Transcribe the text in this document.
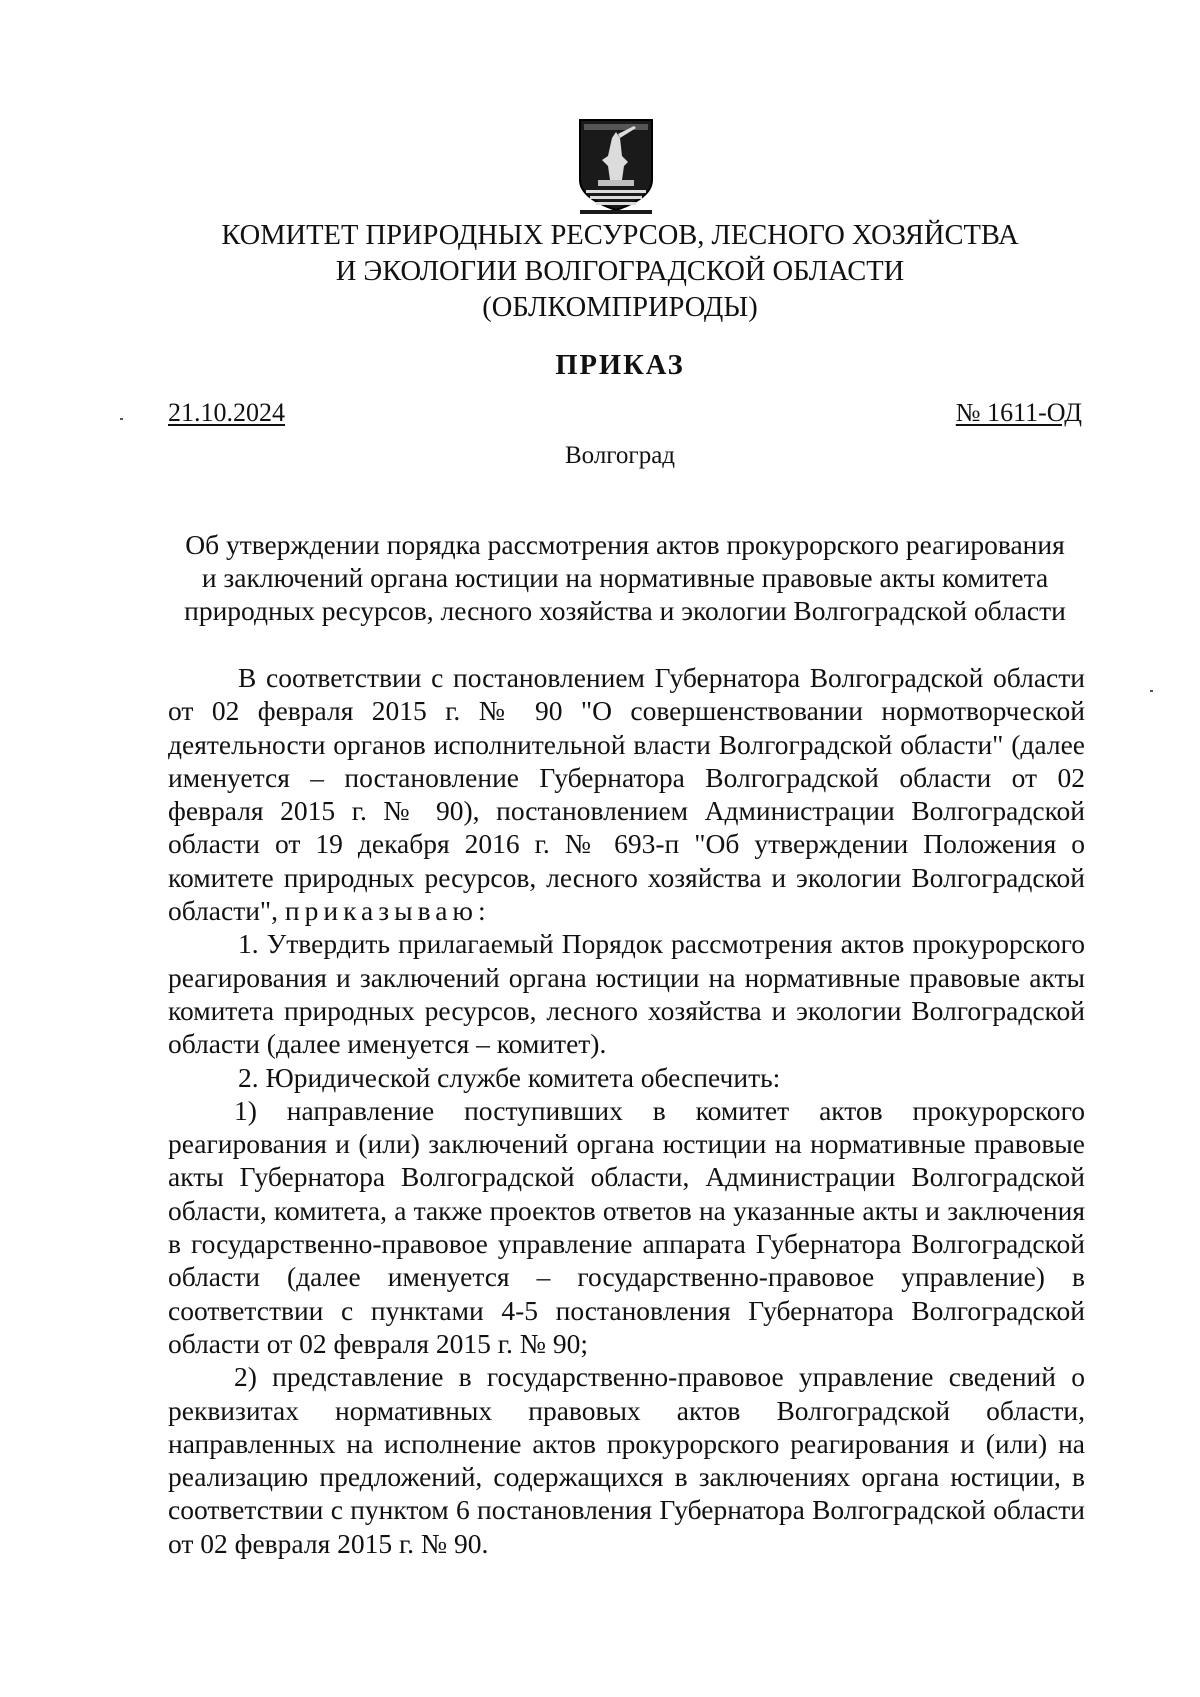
КОМИТЕТ ПРИРОДНЫХ РЕСУРСОВ, ЛЕСНОГО ХОЗЯЙСТВА
И ЭКОЛОГИИ ВОЛГОГРАДСКОЙ ОБЛАСТИ
(ОБЛКОМПРИРОДЫ)
ПРИКАЗ
21.10.2024	№ 1611-ОД
Волгоград
Об утверждении порядка рассмотрения актов прокурорского реагирования
и заключений органа юстиции на нормативные правовые акты комитета
природных ресурсов, лесного хозяйства и экологии Волгоградской области

В соответствии с постановлением Губернатора Волгоградской области от 02 февраля 2015 г. № 90 "О совершенствовании нормотворческой деятельности органов исполнительной власти Волгоградской области" (далее именуется – постановление Губернатора Волгоградской области от 02 февраля 2015 г. № 90), постановлением Администрации Волгоградской области от 19 декабря 2016 г. № 693-п "Об утверждении Положения о комитете природных ресурсов, лесного хозяйства и экологии Волгоградской области", приказываю:

1. Утвердить прилагаемый Порядок рассмотрения актов прокурорского реагирования и заключений органа юстиции на нормативные правовые акты комитета природных ресурсов, лесного хозяйства и экологии Волгоградской области (далее именуется – комитет).

2. Юридической службе комитета обеспечить:

1) направление поступивших в комитет актов прокурорского реагирования и (или) заключений органа юстиции на нормативные правовые акты Губернатора Волгоградской области, Администрации Волгоградской области, комитета, а также проектов ответов на указанные акты и заключения в государственно-правовое управление аппарата Губернатора Волгоградской области (далее именуется – государственно-правовое управление) в соответствии с пунктами 4-5 постановления Губернатора Волгоградской области от 02 февраля 2015 г. № 90;

2) представление в государственно-правовое управление сведений о реквизитах нормативных правовых актов Волгоградской области, направленных на исполнение актов прокурорского реагирования и (или) на реализацию предложений, содержащихся в заключениях органа юстиции, в соответствии с пунктом 6 постановления Губернатора Волгоградской области от 02 февраля 2015 г. № 90.
